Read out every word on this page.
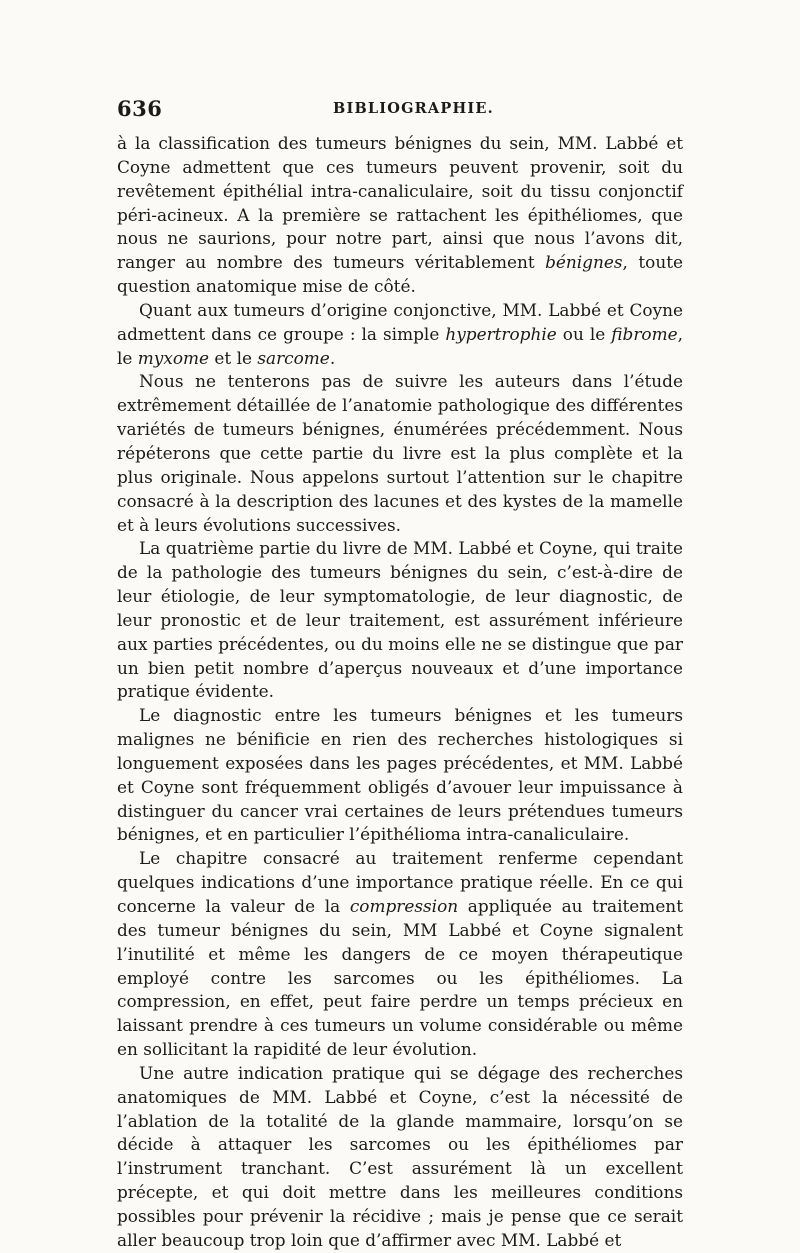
636	BIBLIOGRAPHIE.

à la classification des tumeurs bénignes du sein, MM. Labbé et Coyne admettent que ces tumeurs peuvent provenir, soit du revêtement épithélial intra-canaliculaire, soit du tissu conjonctif péri-acineux. A la première se rattachent les épithéliomes, que nous ne saurions, pour notre part, ainsi que nous l’avons dit, ranger au nombre des tumeurs véritablement bénignes, toute question anatomique mise de côté.

Quant aux tumeurs d’origine conjonctive, MM. Labbé et Coyne admettent dans ce groupe : la simple hypertrophie ou le fibrome, le myxome et le sarcome.

Nous ne tenterons pas de suivre les auteurs dans l’étude extrêmement détaillée de l’anatomie pathologique des différentes variétés de tumeurs bénignes, énumérées précédemment. Nous répéterons que cette partie du livre est la plus complète et la plus originale. Nous appelons surtout l’attention sur le chapitre consacré à la description des lacunes et des kystes de la mamelle et à leurs évolutions successives.

La quatrième partie du livre de MM. Labbé et Coyne, qui traite de la pathologie des tumeurs bénignes du sein, c’est-à-dire de leur étiologie, de leur symptomatologie, de leur diagnostic, de leur pronostic et de leur traitement, est assurément inférieure aux parties précédentes, ou du moins elle ne se distingue que par un bien petit nombre d’aperçus nouveaux et d’une importance pratique évidente.

Le diagnostic entre les tumeurs bénignes et les tumeurs malignes ne bénificie en rien des recherches histologiques si longuement exposées dans les pages précédentes, et MM. Labbé et Coyne sont fréquemment obligés d’avouer leur impuissance à distinguer du cancer vrai certaines de leurs prétendues tumeurs bénignes, et en particulier l’épithélioma intra-canaliculaire.

Le chapitre consacré au traitement renferme cependant quelques indications d’une importance pratique réelle. En ce qui concerne la valeur de la compression appliquée au traitement des tumeur bénignes du sein, MM Labbé et Coyne signalent l’inutilité et même les dangers de ce moyen thérapeutique employé contre les sarcomes ou les épithéliomes. La compression, en effet, peut faire perdre un temps précieux en laissant prendre à ces tumeurs un volume considérable ou même en sollicitant la rapidité de leur évolution.

Une autre indication pratique qui se dégage des recherches anatomiques de MM. Labbé et Coyne, c’est la nécessité de l’ablation de la totalité de la glande mammaire, lorsqu’on se décide à attaquer les sarcomes ou les épithéliomes par l’instrument tranchant. C’est assurément là un excellent précepte, et qui doit mettre dans les meilleures conditions possibles pour prévenir la récidive ; mais je pense que ce serait aller beaucoup trop loin que d’affirmer avec MM. Labbé et
